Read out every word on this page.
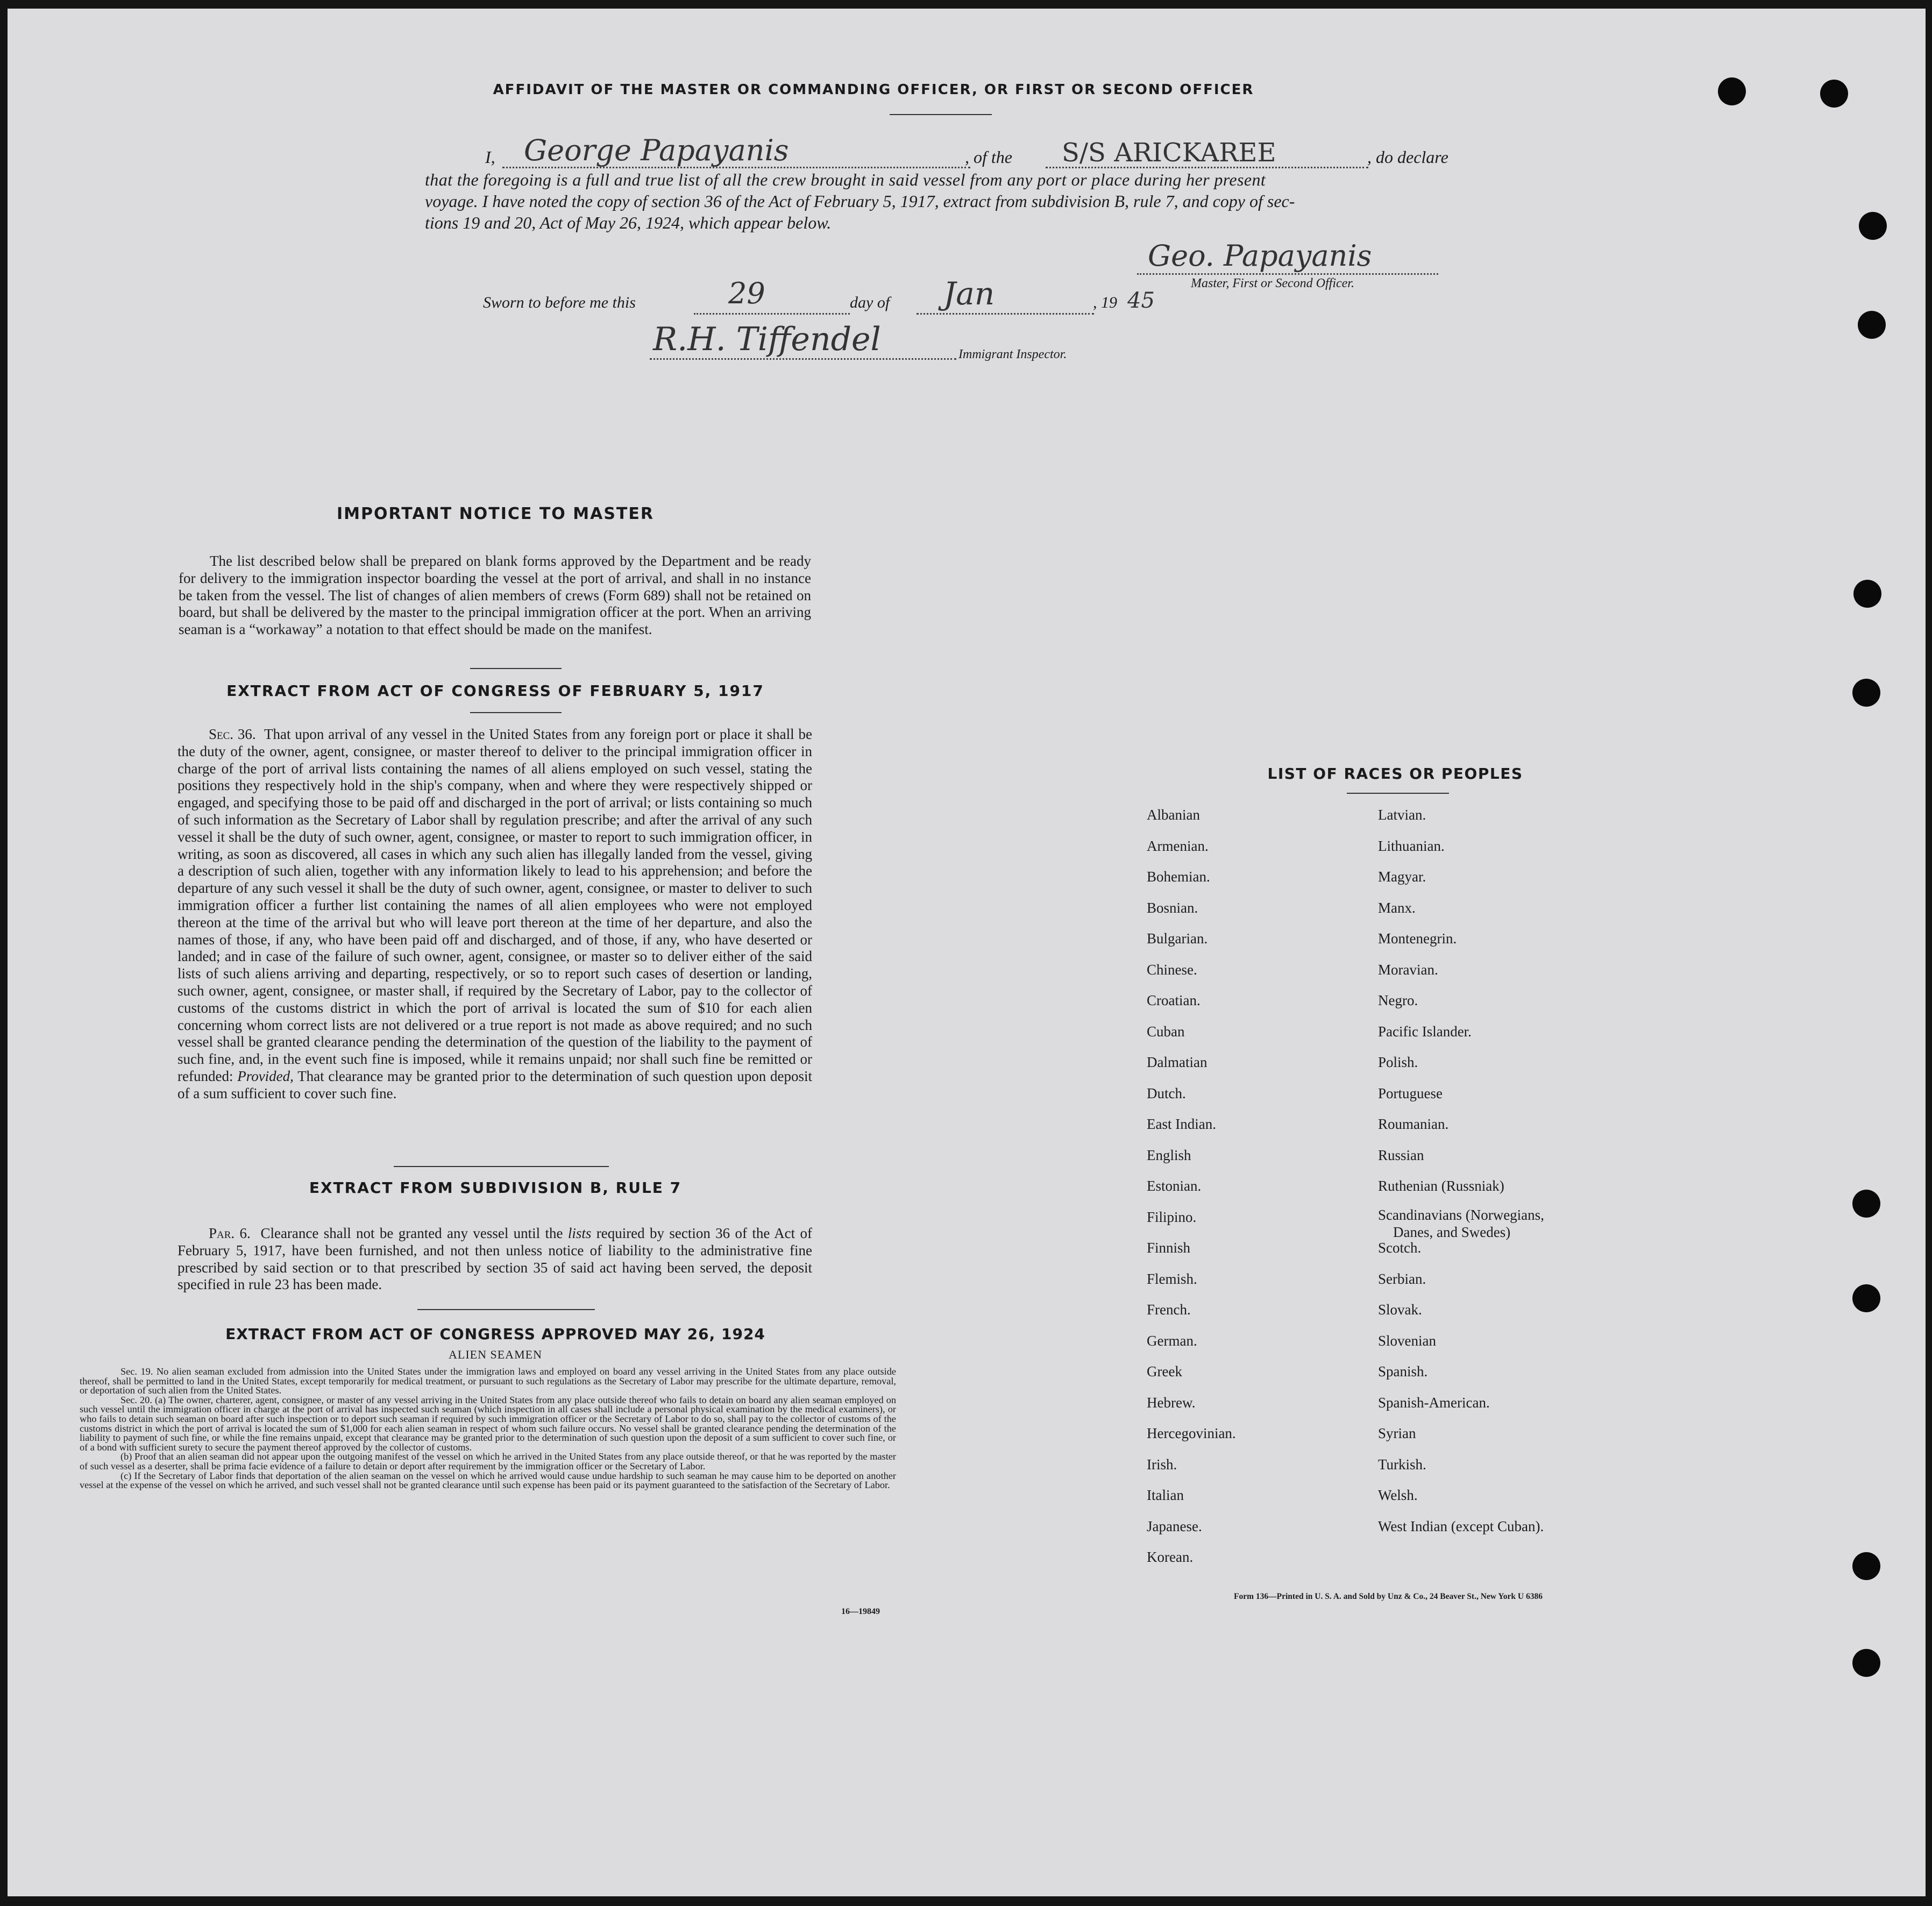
AFFIDAVIT OF THE MASTER OR COMMANDING OFFICER, OR FIRST OR SECOND OFFICER
I, George Papayanis	, of the S/S ARICKAREE	, do declare
that the foregoing is a full and true list of all the crew brought in said vessel from any port or place during her present
voyage. I have noted the copy of section 36 of the Act of February 5, 1917, extract from subdivision B, rule 7, and copy of sec-
tions 19 and 20, Act of May 26, 1924, which appear below.
Geo. Papayanis
Master, First or Second Officer.
Sworn to before me this	29	day of Jan	, 19 45
R.H. Tiffendel	Immigrant Inspector.
IMPORTANT NOTICE TO MASTER
The list described below shall be prepared on blank forms approved by the Department and be ready for delivery to the immigration inspector boarding the vessel at the port of arrival, and shall in no instance be taken from the vessel. The list of changes of alien members of crews (Form 689) shall not be retained on board, but shall be delivered by the master to the principal immigration officer at the port. When an arriving seaman is a “workaway” a notation to that effect should be made on the manifest.
EXTRACT FROM ACT OF CONGRESS OF FEBRUARY 5, 1917
Sec. 36. That upon arrival of any vessel in the United States from any foreign port or place it shall be the duty of the owner, agent, consignee, or master thereof to deliver to the principal immigration officer in charge of the port of arrival lists containing the names of all aliens employed on such vessel, stating the positions they respectively hold in the ship's company, when and where they were respectively shipped or engaged, and specifying those to be paid off and discharged in the port of arrival; or lists containing so much of such information as the Secretary of Labor shall by regulation prescribe; and after the arrival of any such vessel it shall be the duty of such owner, agent, consignee, or master to report to such immigration officer, in writing, as soon as discovered, all cases in which any such alien has illegally landed from the vessel, giving a description of such alien, together with any information likely to lead to his apprehension; and before the departure of any such vessel it shall be the duty of such owner, agent, consignee, or master to deliver to such immigration officer a further list containing the names of all alien employees who were not employed thereon at the time of the arrival but who will leave port thereon at the time of her departure, and also the names of those, if any, who have been paid off and discharged, and of those, if any, who have deserted or landed; and in case of the failure of such owner, agent, consignee, or master so to deliver either of the said lists of such aliens arriving and departing, respectively, or so to report such cases of desertion or landing, such owner, agent, consignee, or master shall, if required by the Secretary of Labor, pay to the collector of customs of the customs district in which the port of arrival is located the sum of $10 for each alien concerning whom correct lists are not delivered or a true report is not made as above required; and no such vessel shall be granted clearance pending the determination of the question of the liability to the payment of such fine, and, in the event such fine is imposed, while it remains unpaid; nor shall such fine be remitted or refunded: Provided, That clearance may be granted prior to the determination of such question upon deposit of a sum sufficient to cover such fine.
EXTRACT FROM SUBDIVISION B, RULE 7
Par. 6. Clearance shall not be granted any vessel until the lists required by section 36 of the Act of February 5, 1917, have been furnished, and not then unless notice of liability to the administrative fine prescribed by said section or to that prescribed by section 35 of said act having been served, the deposit specified in rule 23 has been made.
EXTRACT FROM ACT OF CONGRESS APPROVED MAY 26, 1924
ALIEN SEAMEN
Sec. 19. No alien seaman excluded from admission into the United States under the immigration laws and employed on board any vessel arriving in the United States from any place outside thereof, shall be permitted to land in the United States, except temporarily for medical treatment, or pursuant to such regulations as the Secretary of Labor may prescribe for the ultimate departure, removal, or deportation of such alien from the United States.
Sec. 20. (a) The owner, charterer, agent, consignee, or master of any vessel arriving in the United States from any place outside thereof who fails to detain on board any alien seaman employed on such vessel until the immigration officer in charge at the port of arrival has inspected such seaman (which inspection in all cases shall include a personal physical examination by the medical examiners), or who fails to detain such seaman on board after such inspection or to deport such seaman if required by such immigration officer or the Secretary of Labor to do so, shall pay to the collector of customs of the customs district in which the port of arrival is located the sum of $1,000 for each alien seaman in respect of whom such failure occurs. No vessel shall be granted clearance pending the determination of the liability to payment of such fine, or while the fine remains unpaid, except that clearance may be granted prior to the determination of such question upon the deposit of a sum sufficient to cover such fine, or of a bond with sufficient surety to secure the payment thereof approved by the collector of customs.
(b) Proof that an alien seaman did not appear upon the outgoing manifest of the vessel on which he arrived in the United States from any place outside thereof, or that he was reported by the master of such vessel as a deserter, shall be prima facie evidence of a failure to detain or deport after requirement by the immigration officer or the Secretary of Labor.
(c) If the Secretary of Labor finds that deportation of the alien seaman on the vessel on which he arrived would cause undue hardship to such seaman he may cause him to be deported on another vessel at the expense of the vessel on which he arrived, and such vessel shall not be granted clearance until such expense has been paid or its payment guaranteed to the satisfaction of the Secretary of Labor.
16—19849
LIST OF RACES OR PEOPLES
Form 136—Printed in U. S. A. and Sold by Unz & Co., 24 Beaver St., New York U 6386
Albanian
Armenian.
Bohemian.
Bosnian.
Bulgarian.
Chinese.
Croatian.
Cuban
Dalmatian
Dutch.
East Indian.
English
Estonian.
Filipino.
Finnish
Flemish.
French.
German.
Greek
Hebrew.
Hercegovinian.
Irish.
Italian
Japanese.
Korean.
Latvian.
Lithuanian.
Magyar.
Manx.
Montenegrin.
Moravian.
Negro.
Pacific Islander.
Polish.
Portuguese
Roumanian.
Russian
Ruthenian (Russniak)
Scandinavians (Norwegians,
Danes, and Swedes)
Scotch.
Serbian.
Slovak.
Slovenian
Spanish.
Spanish-American.
Syrian
Turkish.
Welsh.
West Indian (except Cuban).
